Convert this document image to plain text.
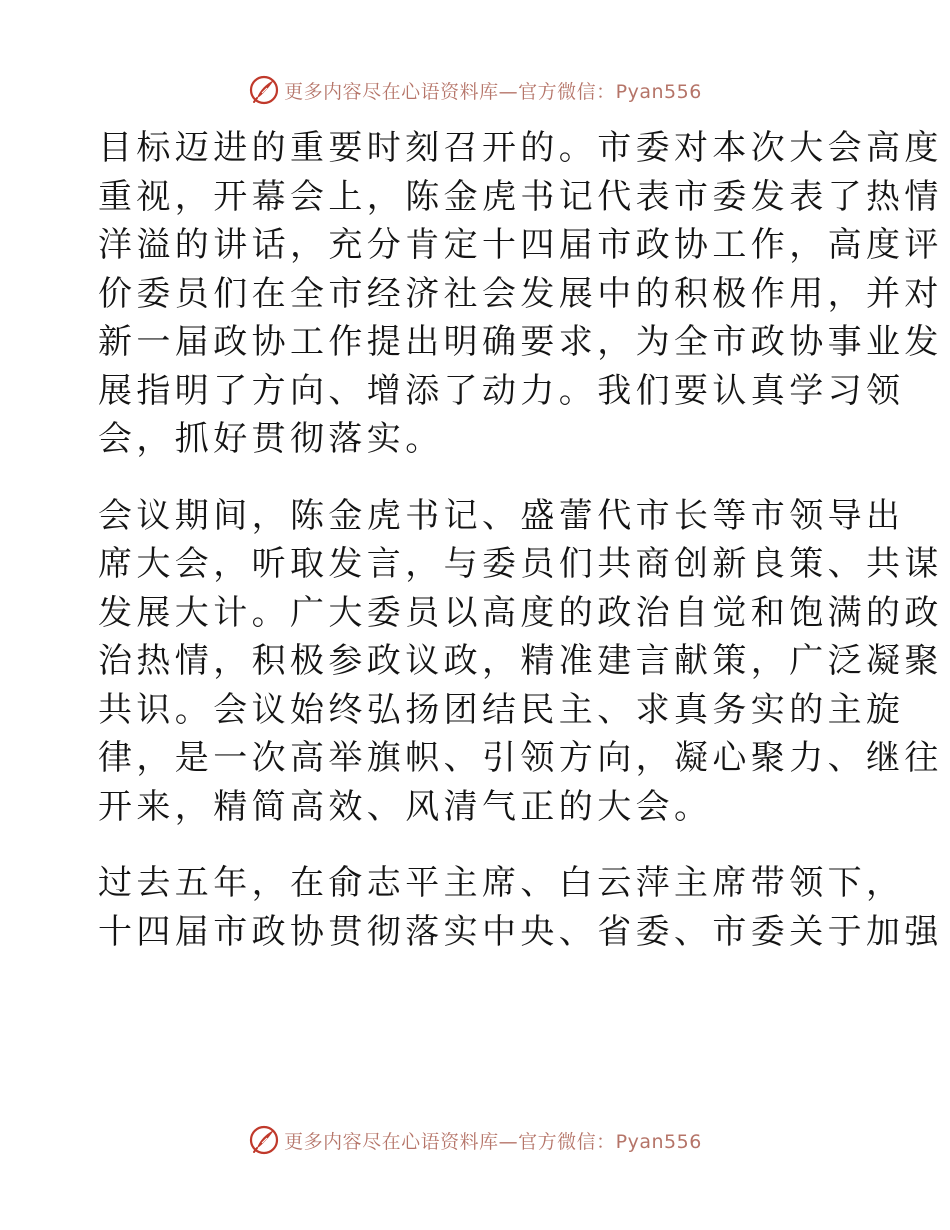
更多内容尽在心语资料库—官方微信：Pyan556
目标迈进的重要时刻召开的。市委对本次大会高度
重视，开幕会上，陈金虎书记代表市委发表了热情
洋溢的讲话，充分肯定十四届市政协工作，高度评
价委员们在全市经济社会发展中的积极作用，并对
新一届政协工作提出明确要求，为全市政协事业发
展指明了方向、增添了动力。我们要认真学习领
会，抓好贯彻落实。
会议期间，陈金虎书记、盛蕾代市长等市领导出
席大会，听取发言，与委员们共商创新良策、共谋
发展大计。广大委员以高度的政治自觉和饱满的政
治热情，积极参政议政，精准建言献策，广泛凝聚
共识。会议始终弘扬团结民主、求真务实的主旋
律，是一次高举旗帜、引领方向，凝心聚力、继往
开来，精简高效、风清气正的大会。
过去五年，在俞志平主席、白云萍主席带领下，
十四届市政协贯彻落实中央、省委、市委关于加强
更多内容尽在心语资料库—官方微信：Pyan556
